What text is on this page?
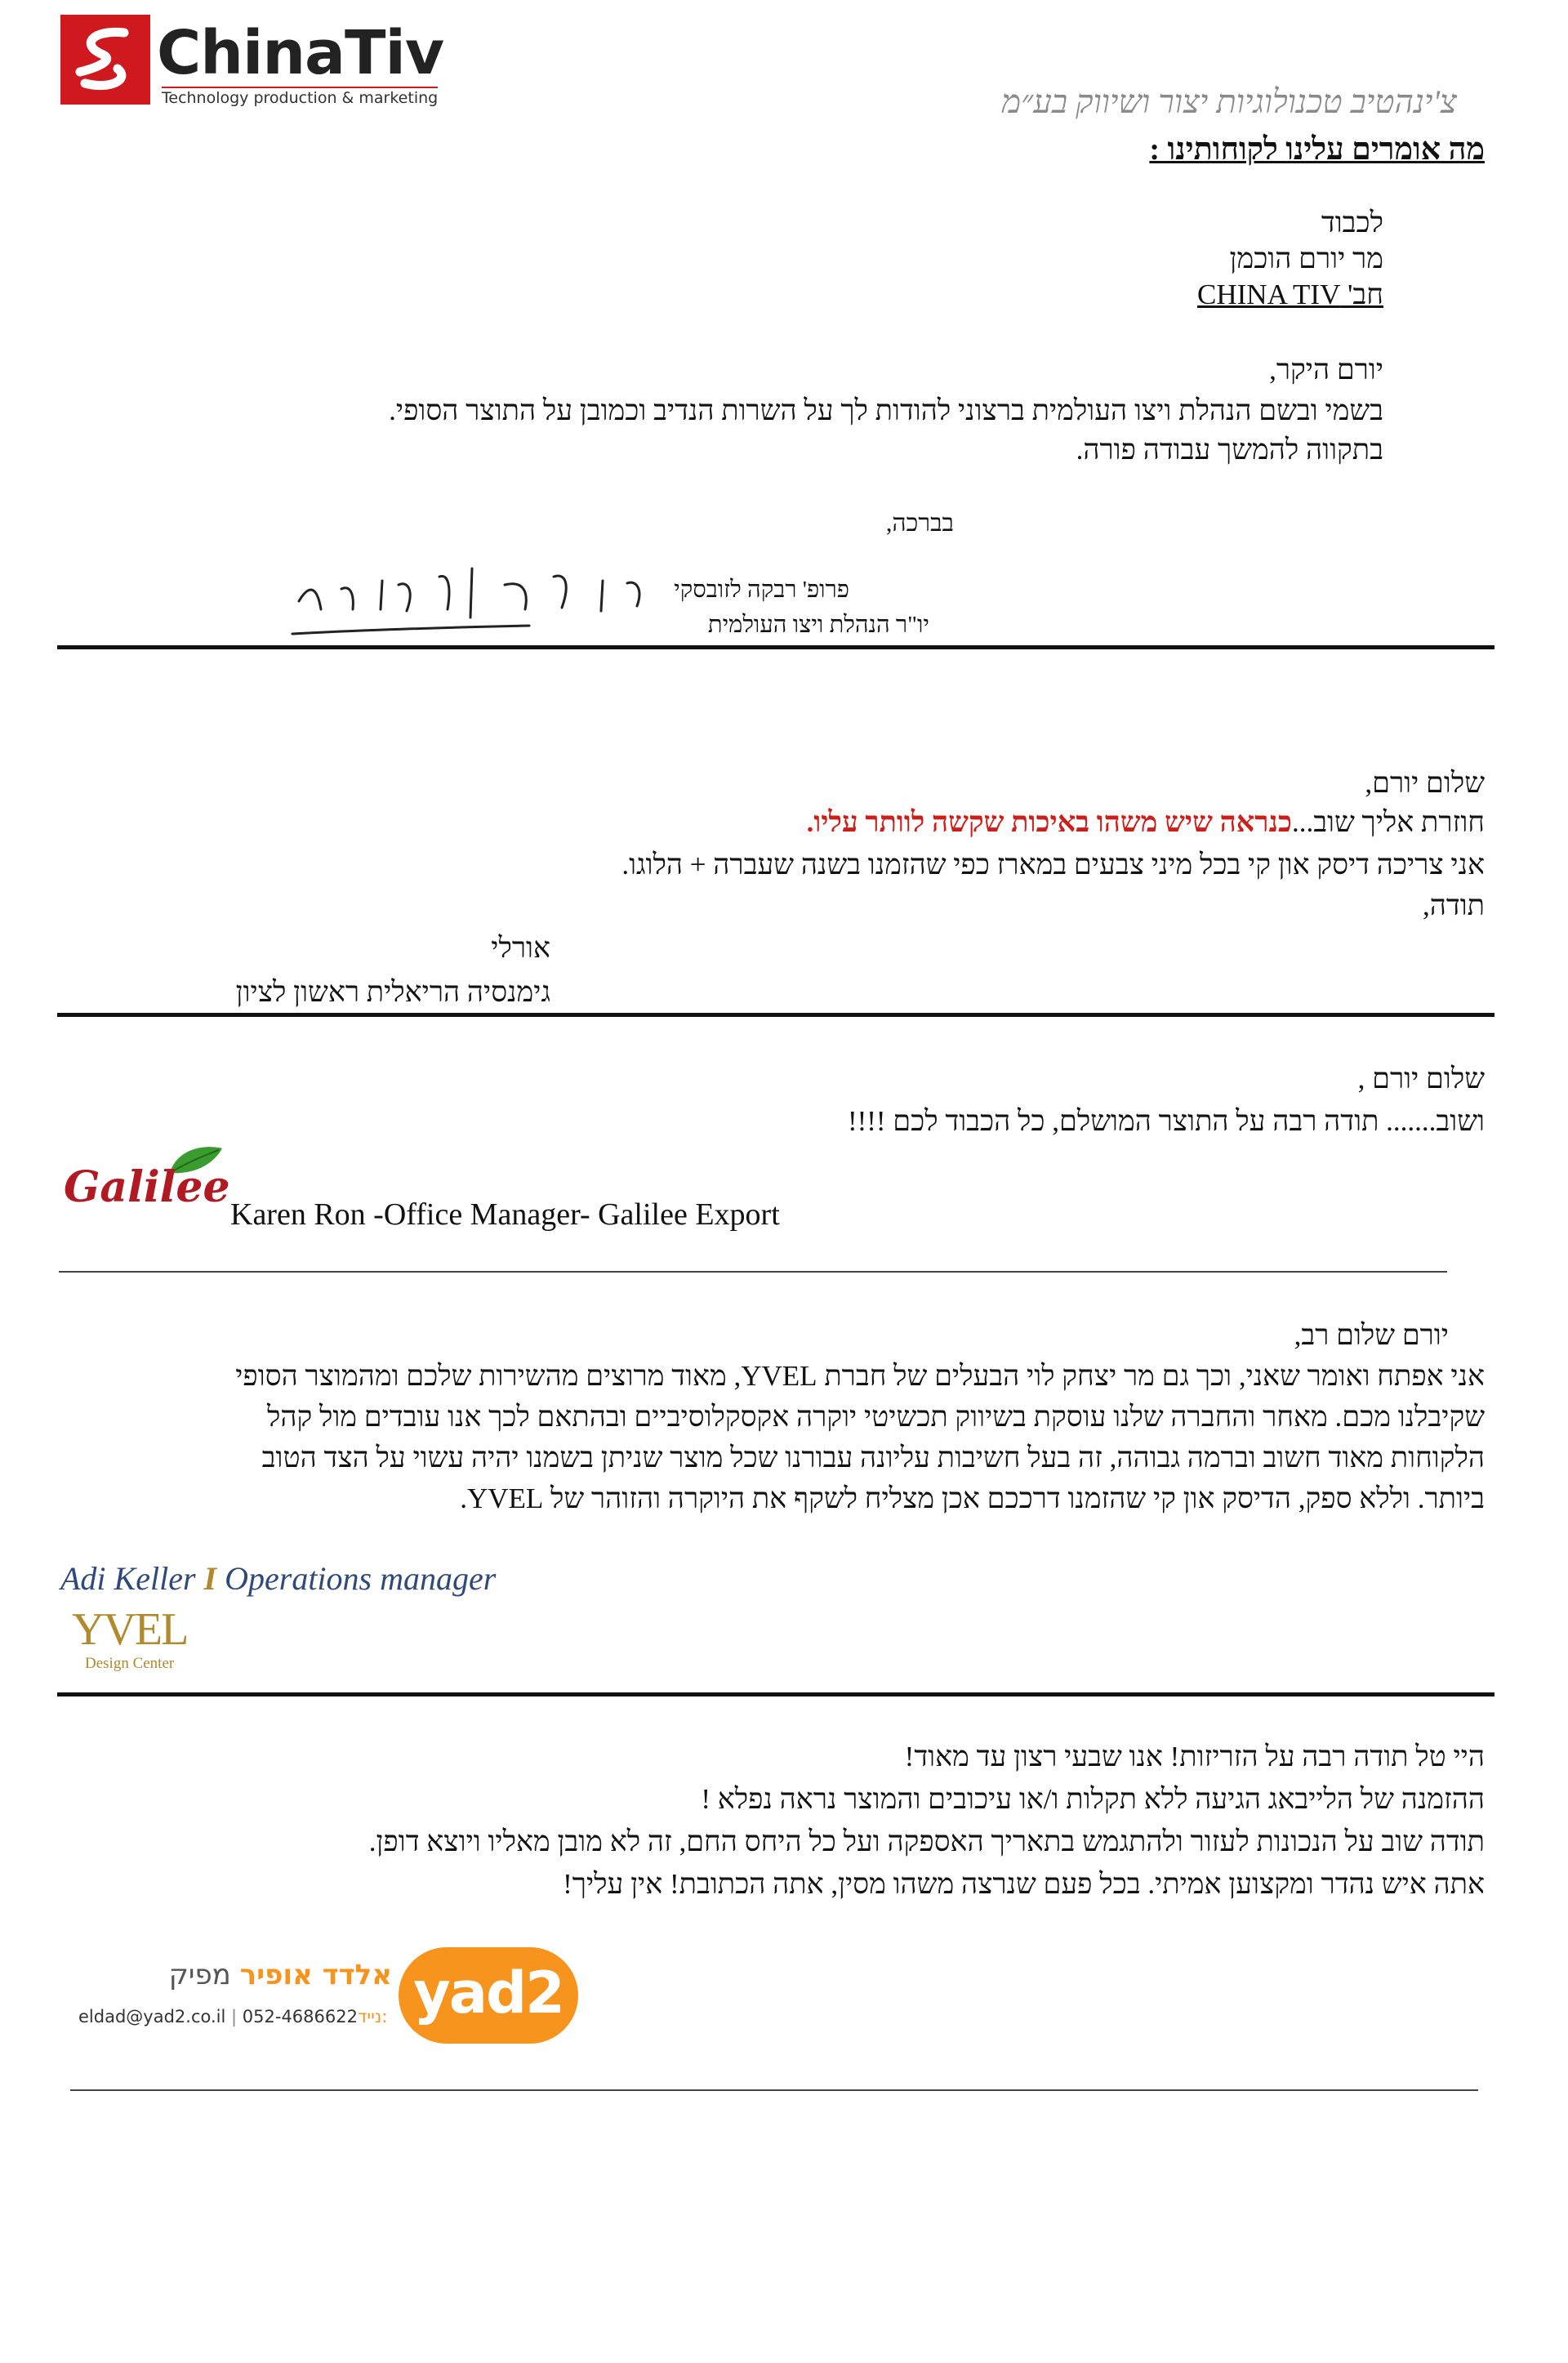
ChinaTiv
Technology production & marketing	צ'ינהטיב טכנולוגיות יצור ושיווק בע״מ
מה אומרים עלינו לקוחותינו :
לכבוד
מר יורם הוכמן
חב' CHINA TIV
יורם היקר,
בשמי ובשם הנהלת ויצו העולמית ברצוני להודות לך על השרות הנדיב וכמובן על התוצר הסופי.
בתקווה להמשך עבודה פורה.
בברכה,
פרופ' רבקה לזובסקי
יו"ר הנהלת ויצו העולמית
שלום יורם,
חוזרת אליך שוב...כנראה שיש משהו באיכות שקשה לוותר עליו.
אני צריכה דיסק און קי בכל מיני צבעים במארז כפי שהזמנו בשנה שעברה + הלוגו.
תודה,
אורלי
גימנסיה הריאלית ראשון לציון
שלום יורם ,
ושוב....... תודה רבה על התוצר המושלם, כל הכבוד לכם !!!!
Galilee
Karen Ron -Office Manager- Galilee Export
יורם שלום רב,
אני אפתח ואומר שאני, וכך גם מר יצחק לוי הבעלים של חברת YVEL, מאוד מרוצים מהשירות שלכם ומהמוצר הסופי
שקיבלנו מכם. מאחר והחברה שלנו עוסקת בשיווק תכשיטי יוקרה אקסקלוסיביים ובהתאם לכך אנו עובדים מול קהל
הלקוחות מאוד חשוב וברמה גבוהה, זה בעל חשיבות עליונה עבורנו שכל מוצר שניתן בשמנו יהיה עשוי על הצד הטוב
ביותר. וללא ספק, הדיסק און קי שהזמנו דרככם אכן מצליח לשקף את היוקרה והזוהר של YVEL.
Adi Keller I Operations manager
YVEL
Design Center
היי טל תודה רבה על הזריזות! אנו שבעי רצון עד מאוד!
ההזמנה של הלייבאג הגיעה ללא תקלות ו/או עיכובים והמוצר נראה נפלא !
תודה שוב על הנכונות לעזור ולהתגמש בתאריך האספקה ועל כל היחס החם, זה לא מובן מאליו ויוצא דופן.
אתה איש נהדר ומקצוען אמיתי. בכל פעם שנרצה משהו מסין, אתה הכתובת! אין עליך!
אלדד אופיר מפיק
eldad@yad2.co.il | 052-4686622נייד: yad2
